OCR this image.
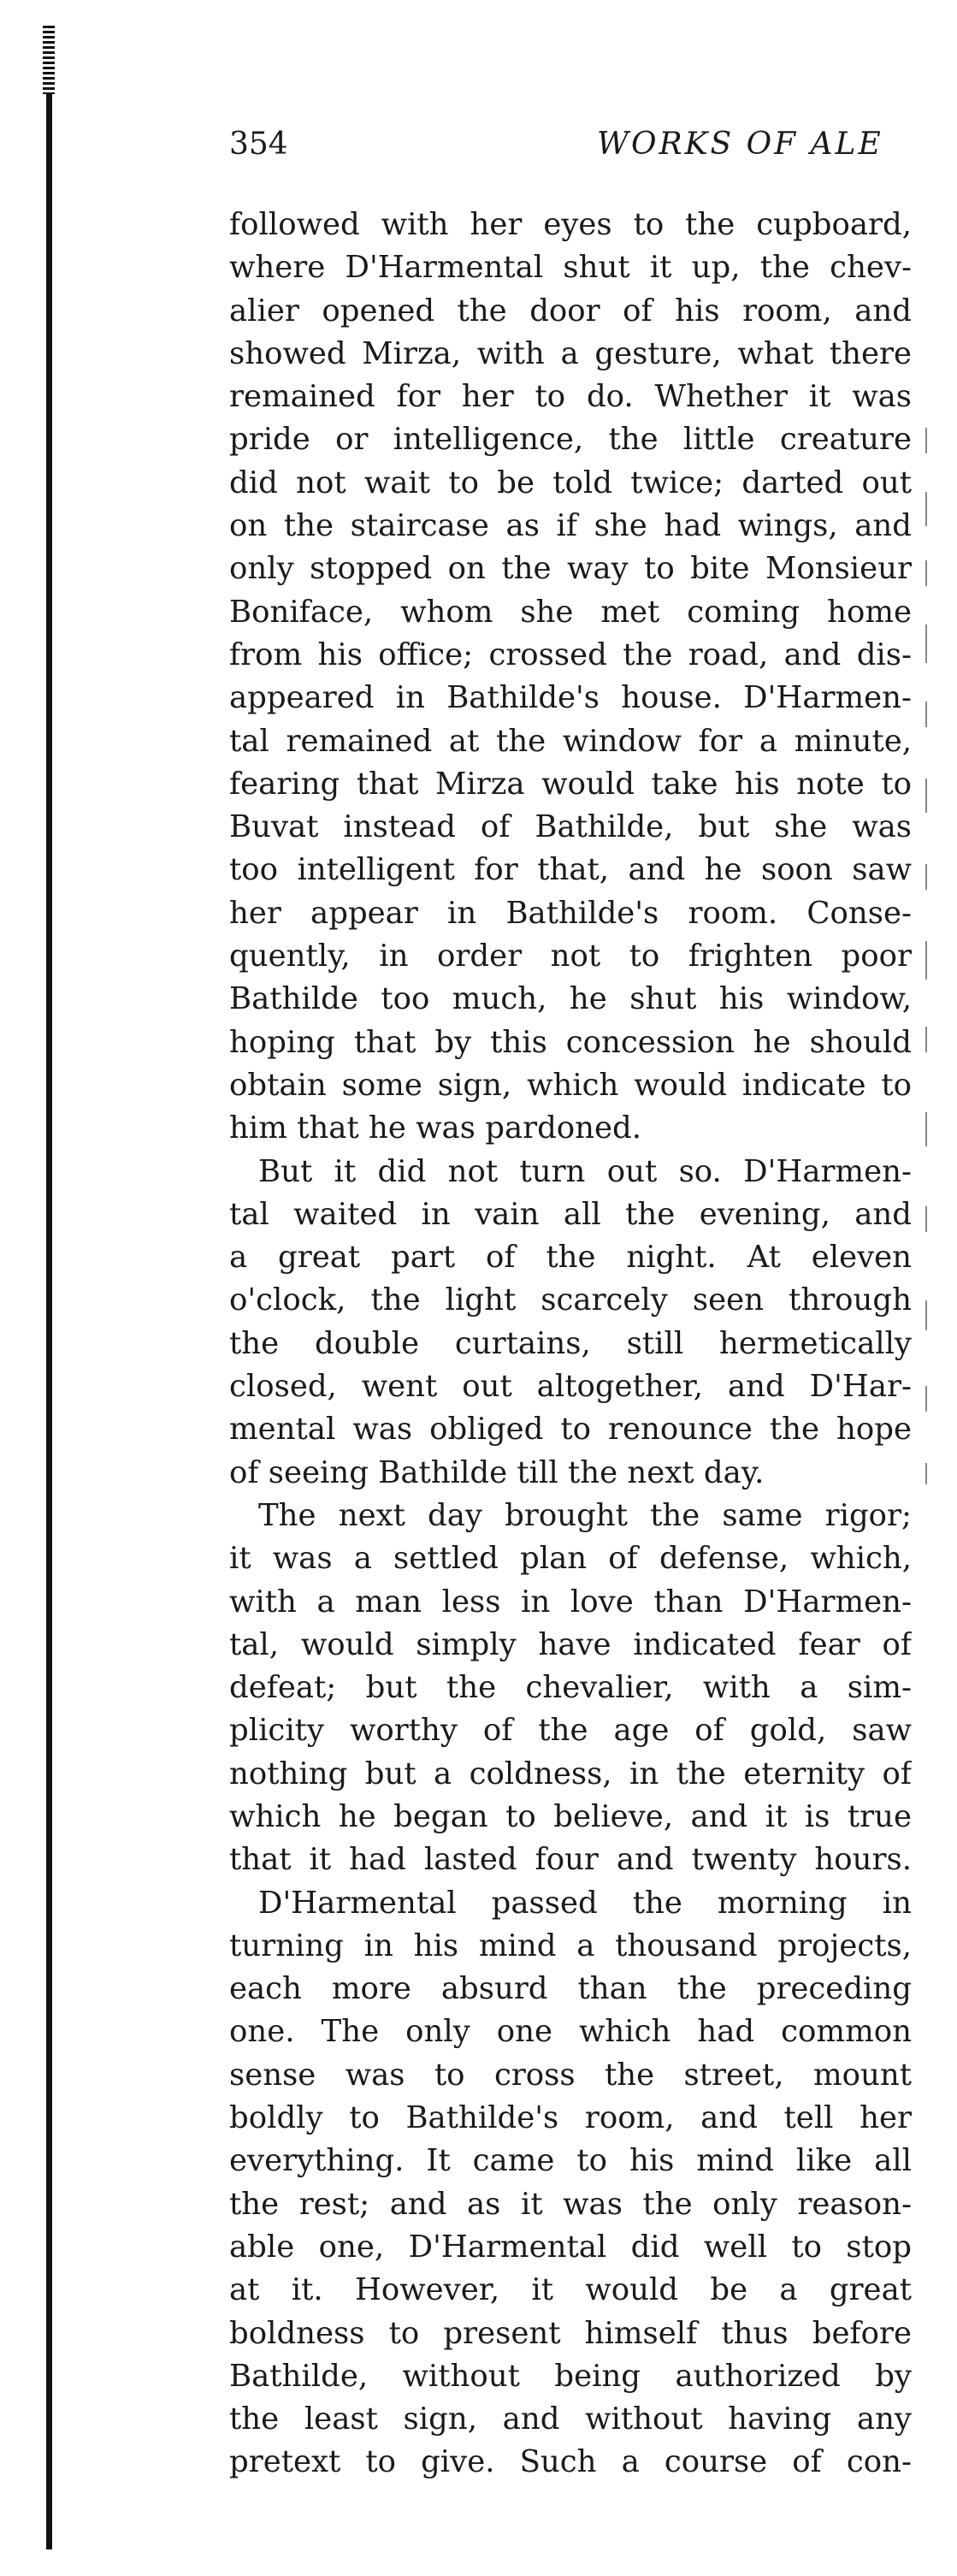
354	WORKS OF ALE
followed with her eyes to the cupboard,
where D'Harmental shut it up, the chev-
alier opened the door of his room, and
showed Mirza, with a gesture, what there
remained for her to do. Whether it was
pride or intelligence, the little creature
did not wait to be told twice; darted out
on the staircase as if she had wings, and
only stopped on the way to bite Monsieur
Boniface, whom she met coming home
from his office; crossed the road, and dis-
appeared in Bathilde's house. D'Harmen-
tal remained at the window for a minute,
fearing that Mirza would take his note to
Buvat instead of Bathilde, but she was
too intelligent for that, and he soon saw
her appear in Bathilde's room. Conse-
quently, in order not to frighten poor
Bathilde too much, he shut his window,
hoping that by this concession he should
obtain some sign, which would indicate to
him that he was pardoned.
But it did not turn out so. D'Harmen-
tal waited in vain all the evening, and
a great part of the night. At eleven
o'clock, the light scarcely seen through
the double curtains, still hermetically
closed, went out altogether, and D'Har-
mental was obliged to renounce the hope
of seeing Bathilde till the next day.
The next day brought the same rigor;
it was a settled plan of defense, which,
with a man less in love than D'Harmen-
tal, would simply have indicated fear of
defeat; but the chevalier, with a sim-
plicity worthy of the age of gold, saw
nothing but a coldness, in the eternity of
which he began to believe, and it is true
that it had lasted four and twenty hours.
D'Harmental passed the morning in
turning in his mind a thousand projects,
each more absurd than the preceding
one. The only one which had common
sense was to cross the street, mount
boldly to Bathilde's room, and tell her
everything. It came to his mind like all
the rest; and as it was the only reason-
able one, D'Harmental did well to stop
at it. However, it would be a great
boldness to present himself thus before
Bathilde, without being authorized by
the least sign, and without having any
pretext to give. Such a course of con-
